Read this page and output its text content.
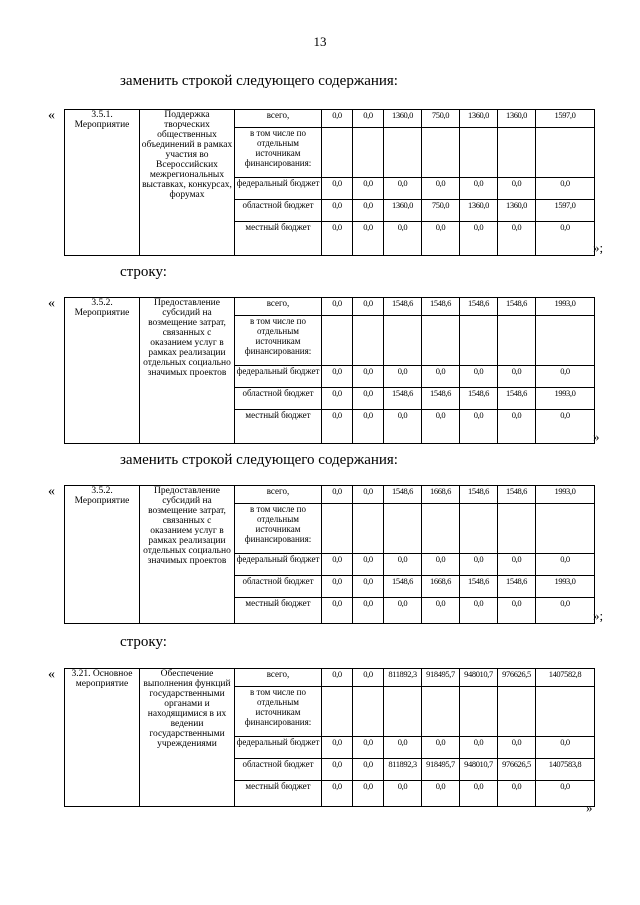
13
заменить строкой следующего содержания:
«	3.5.1. Мероприятие	Поддержка творческих общественных объединений в рамках участия во Всероссийских межрегиональных выставках, конкурсах, форумах	всего,	0,0	0,0	1360,0	750,0	1360,0	1360,0	1597,0
		в том числе по отдельным источникам финансирования:							
		федеральный бюджет	0,0	0,0	0,0	0,0	0,0	0,0	0,0
		областной бюджет	0,0	0,0	1360,0	750,0	1360,0	1360,0	1597,0
		местный бюджет	0,0	0,0	0,0	0,0	0,0	0,0	0,0
»;
строку:
«	3.5.2. Мероприятие	Предоставление субсидий на возмещение затрат, связанных с оказанием услуг в рамках реализации отдельных социально значимых проектов	всего,	0,0	0,0	1548,6	1548,6	1548,6	1548,6	1993,0
		в том числе по отдельным источникам финансирования:							
		федеральный бюджет	0,0	0,0	0,0	0,0	0,0	0,0	0,0
		областной бюджет	0,0	0,0	1548,6	1548,6	1548,6	1548,6	1993,0
		местный бюджет	0,0	0,0	0,0	0,0	0,0	0,0	0,0
»
заменить строкой следующего содержания:
«	3.5.2. Мероприятие	Предоставление субсидий на возмещение затрат, связанных с оказанием услуг в рамках реализации отдельных социально значимых проектов	всего,	0,0	0,0	1548,6	1668,6	1548,6	1548,6	1993,0
		в том числе по отдельным источникам финансирования:							
		федеральный бюджет	0,0	0,0	0,0	0,0	0,0	0,0	0,0
		областной бюджет	0,0	0,0	1548,6	1668,6	1548,6	1548,6	1993,0
		местный бюджет	0,0	0,0	0,0	0,0	0,0	0,0	0,0
»;
строку:
« 3.21. Основное мероприятие	Обеспечение выполнения функций государственными органами и находящимися в их ведении государственными учреждениями	всего,	0,0	0,0	811892,3	918495,7	948010,7	976626,5	1407582,8
		в том числе по отдельным источникам финансирования:							
		федеральный бюджет	0,0	0,0	0,0	0,0	0,0	0,0	0,0
		областной бюджет	0,0	0,0	811892,3	918495,7	948010,7	976626,5	1407583,8
		местный бюджет	0,0	0,0	0,0	0,0	0,0	0,0	0,0
»
